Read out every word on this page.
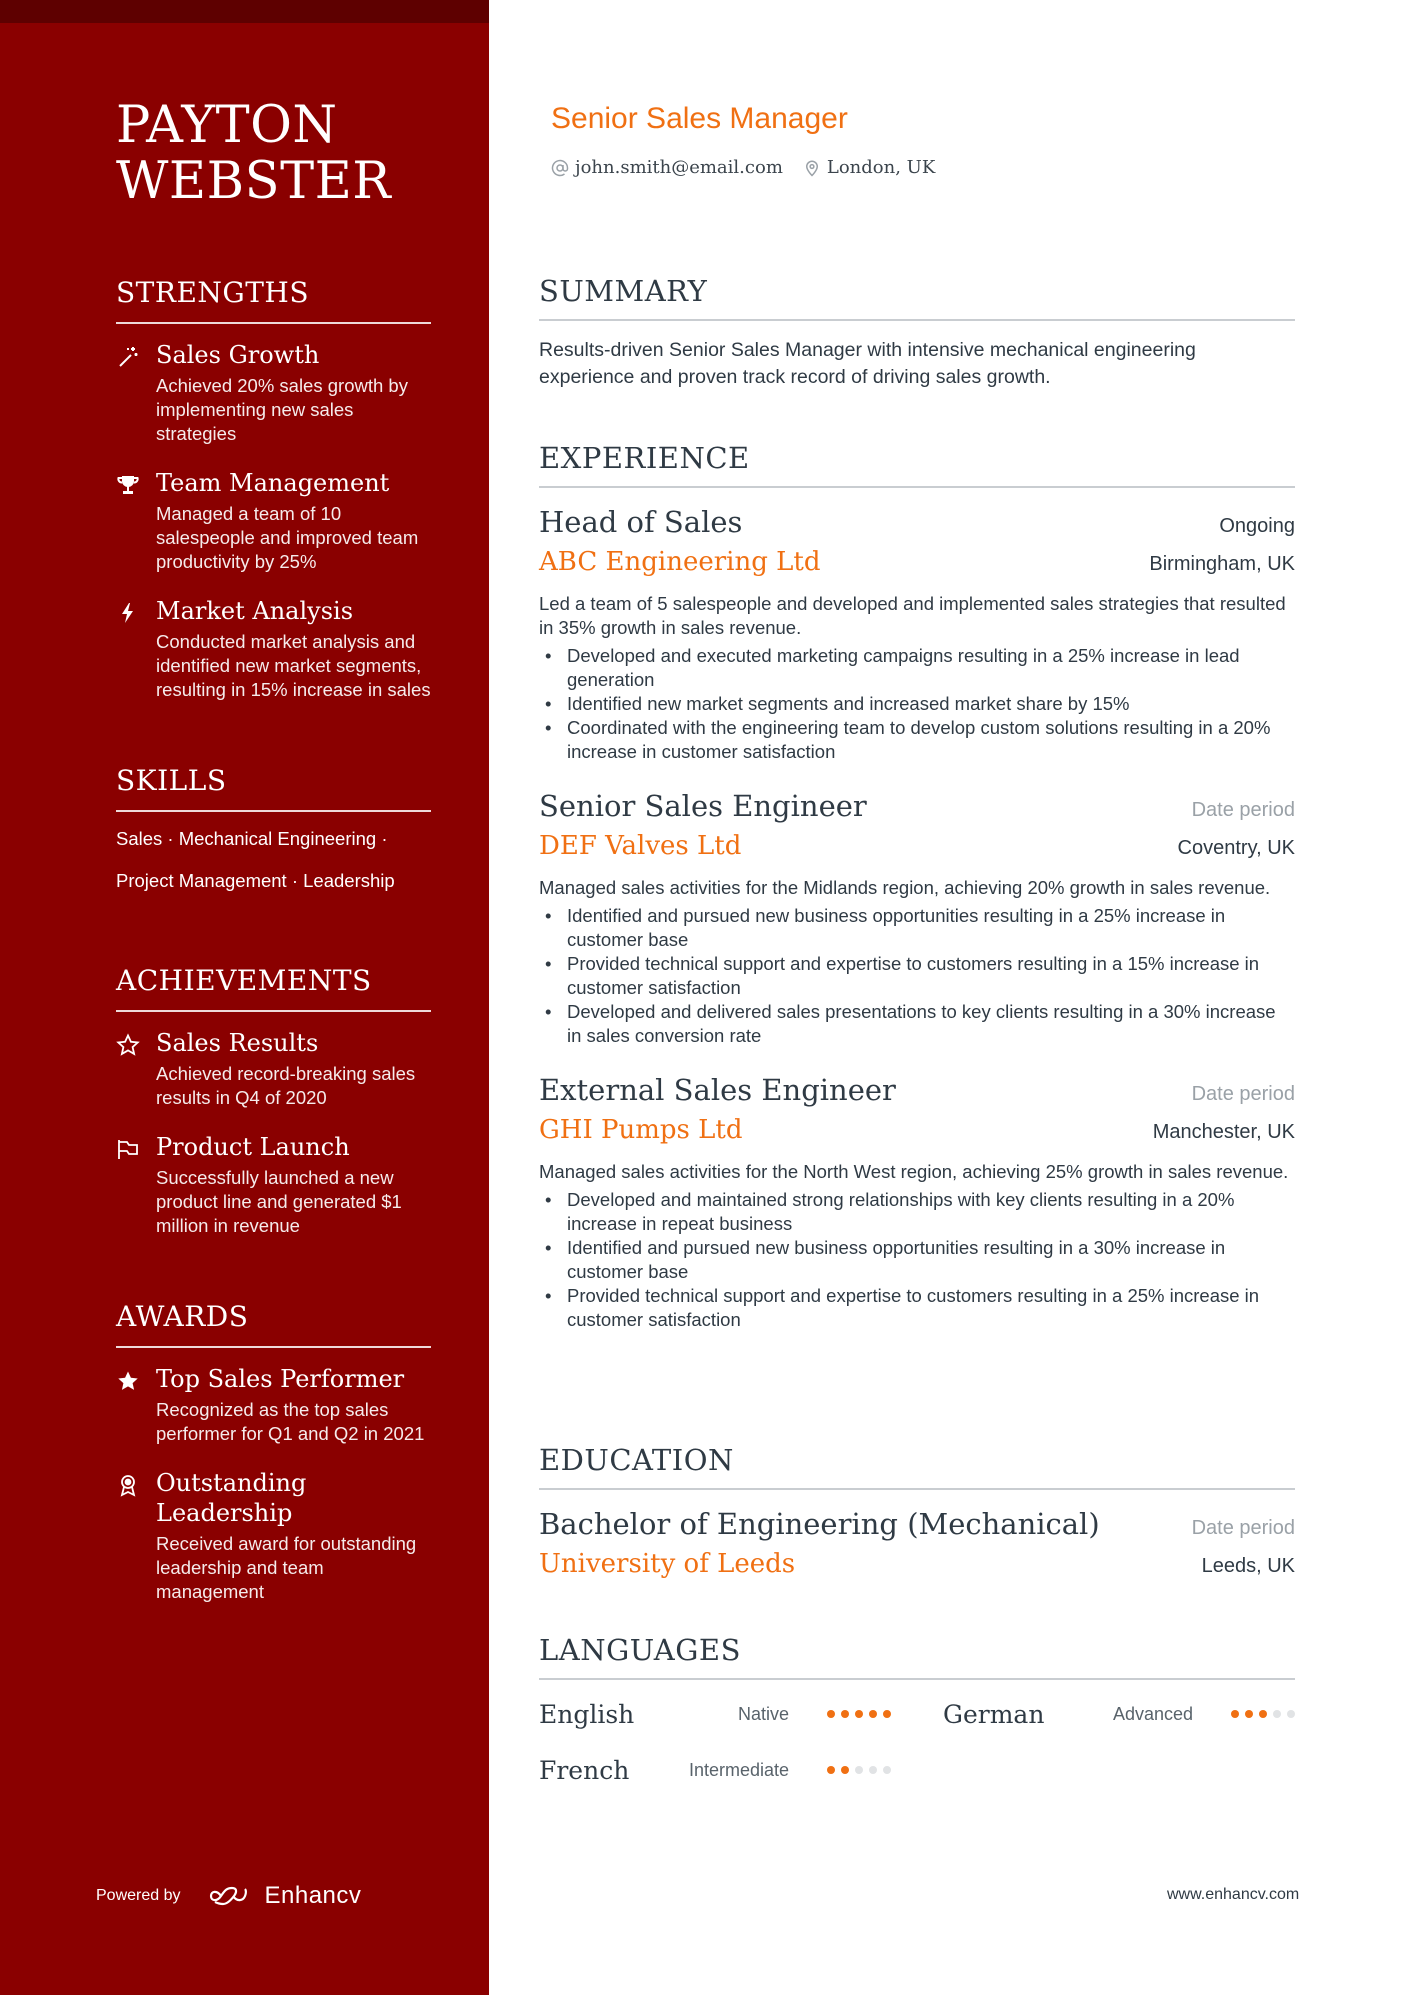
PAYTON
WEBSTER
STRENGTHS
Sales Growth
Achieved 20% sales growth by implementing new sales strategies
Team Management
Managed a team of 10 salespeople and improved team productivity by 25%
Market Analysis
Conducted market analysis and identified new market segments, resulting in 15% increase in sales
SKILLS
Sales · Mechanical Engineering ·
Project Management · Leadership
ACHIEVEMENTS
Sales Results
Achieved record-breaking sales results in Q4 of 2020
Product Launch
Successfully launched a new product line and generated $1 million in revenue
AWARDS
Top Sales Performer
Recognized as the top sales performer for Q1 and Q2 in 2021
Outstanding Leadership
Received award for outstanding leadership and team management
Powered by	Enhancv
Senior Sales Manager
john.smith@email.com London, UK
SUMMARY
Results-driven Senior Sales Manager with intensive mechanical engineering experience and proven track record of driving sales growth.
EXPERIENCE
Head of Sales	Ongoing
ABC Engineering Ltd	Birmingham, UK
Led a team of 5 salespeople and developed and implemented sales strategies that resulted in 35% growth in sales revenue.
• Developed and executed marketing campaigns resulting in a 25% increase in lead generation
• Identified new market segments and increased market share by 15%
• Coordinated with the engineering team to develop custom solutions resulting in a 20% increase in customer satisfaction
Senior Sales Engineer	Date period
DEF Valves Ltd	Coventry, UK
Managed sales activities for the Midlands region, achieving 20% growth in sales revenue.
• Identified and pursued new business opportunities resulting in a 25% increase in customer base
• Provided technical support and expertise to customers resulting in a 15% increase in customer satisfaction
• Developed and delivered sales presentations to key clients resulting in a 30% increase in sales conversion rate
External Sales Engineer	Date period
GHI Pumps Ltd	Manchester, UK
Managed sales activities for the North West region, achieving 25% growth in sales revenue.
• Developed and maintained strong relationships with key clients resulting in a 20% increase in repeat business
• Identified and pursued new business opportunities resulting in a 30% increase in customer base
• Provided technical support and expertise to customers resulting in a 25% increase in customer satisfaction
EDUCATION
Bachelor of Engineering (Mechanical)	Date period
University of Leeds	Leeds, UK
LANGUAGES
English	Native	German	Advanced
French	Intermediate
www.enhancv.com
